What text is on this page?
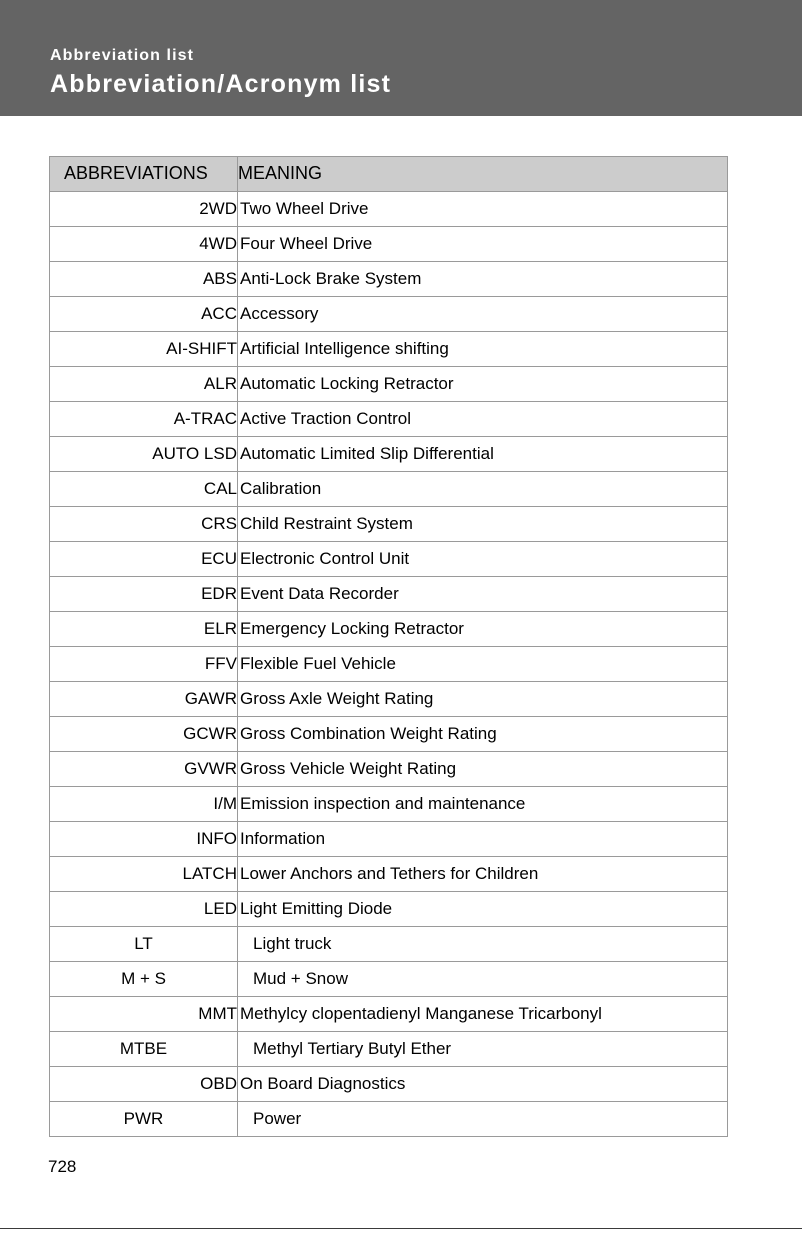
Abbreviation list
Abbreviation/Acronym list
ABBREVIATIONS	MEANING

2WD	Two Wheel Drive

4WD	Four Wheel Drive

ABS	Anti-Lock Brake System

ACC	Accessory

AI-SHIFT	Artificial Intelligence shifting

ALR	Automatic Locking Retractor

A-TRAC	Active Traction Control

AUTO LSD	Automatic Limited Slip Differential

CAL	Calibration

CRS	Child Restraint System

ECU	Electronic Control Unit

EDR	Event Data Recorder

ELR	Emergency Locking Retractor

FFV	Flexible Fuel Vehicle

GAWR	Gross Axle Weight Rating

GCWR	Gross Combination Weight Rating

GVWR	Gross Vehicle Weight Rating

I/M	Emission inspection and maintenance

INFO	Information

LATCH	Lower Anchors and Tethers for Children

LED	Light Emitting Diode

LT	Light truck

M + S	Mud + Snow

MMT	Methylcy clopentadienyl Manganese Tricarbonyl

MTBE	Methyl Tertiary Butyl Ether

OBD	On Board Diagnostics

PWR	Power
728
